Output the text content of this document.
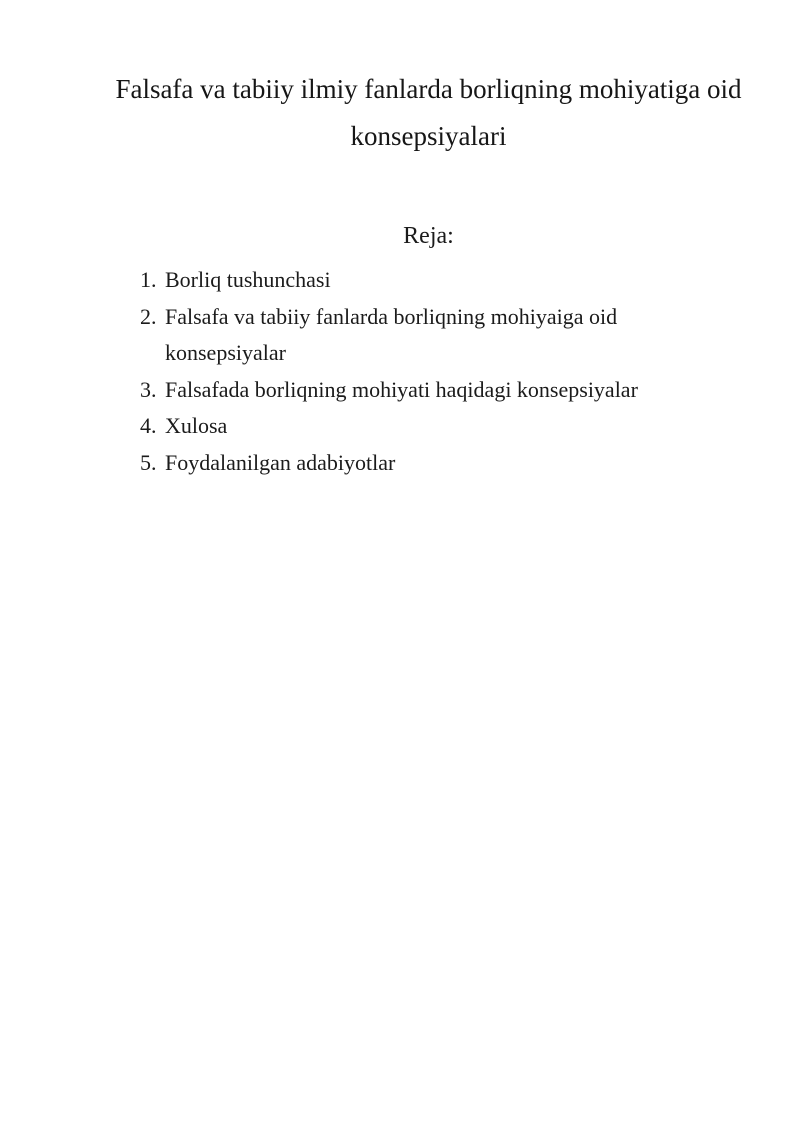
Falsafa va tabiiy ilmiy fanlarda borliqning mohiyatiga oid
konsepsiyalari
Reja:
1. Borliq tushunchasi
2. Falsafa va tabiiy fanlarda borliqning mohiyaiga oid konsepsiyalar
3. Falsafada borliqning mohiyati haqidagi konsepsiyalar
4. Xulosa
5. Foydalanilgan adabiyotlar
